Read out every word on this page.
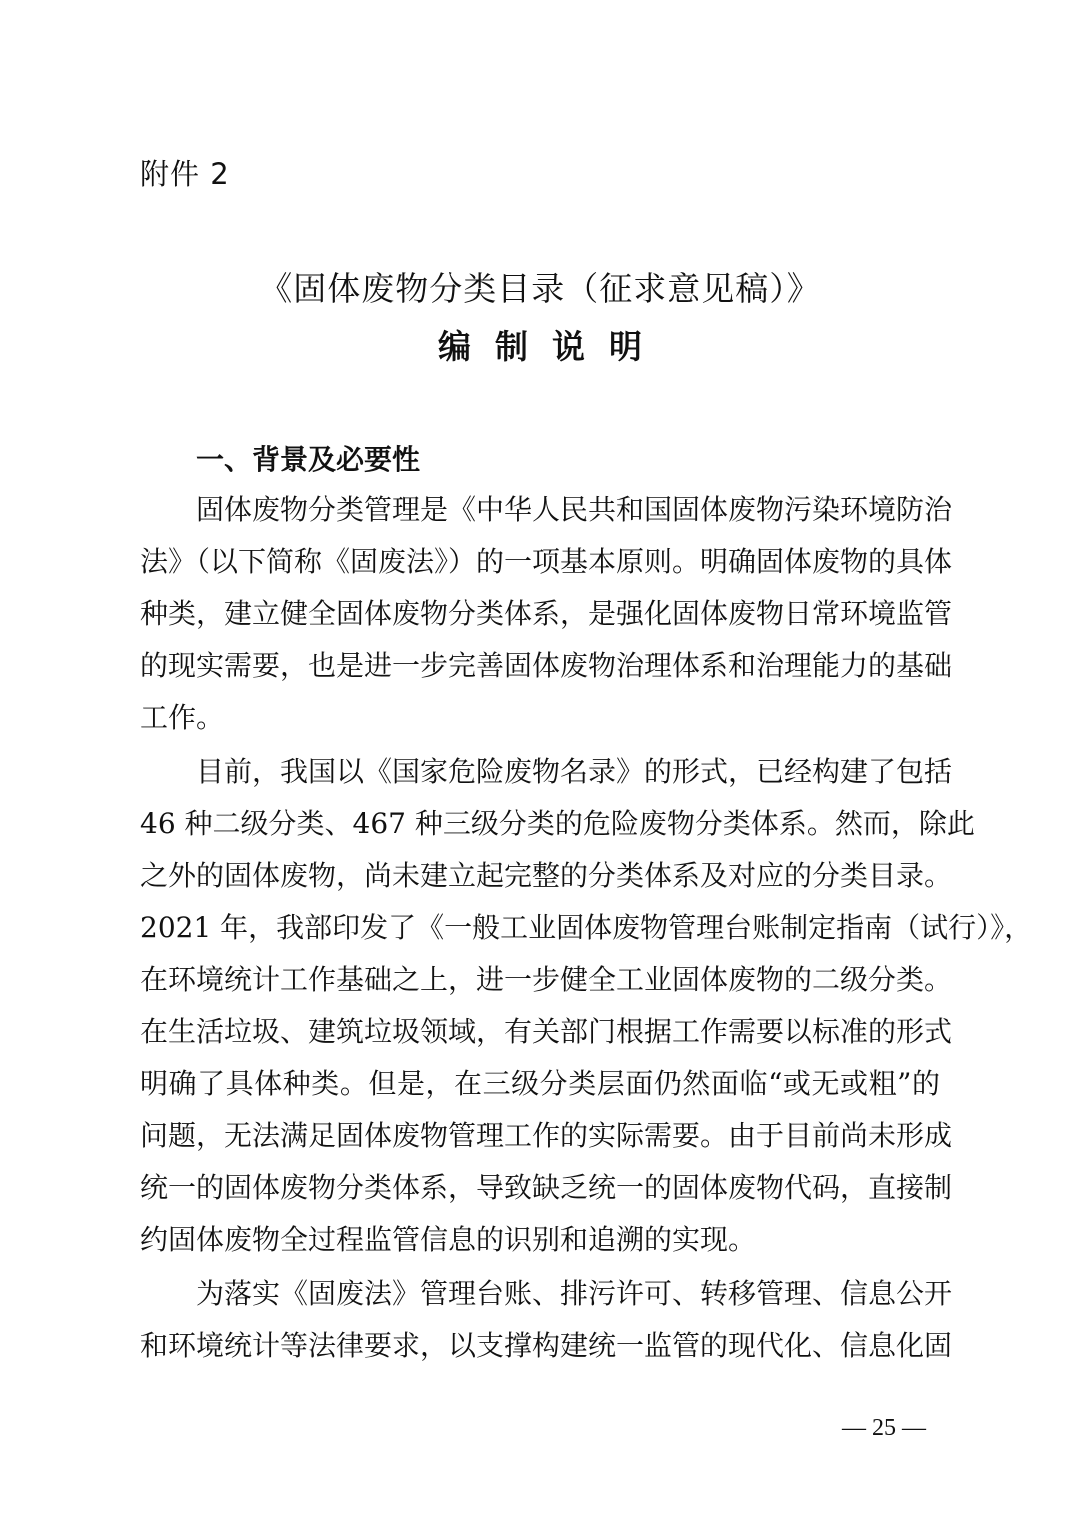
附件 2
《固体废物分类目录（征求意见稿）》
编制说明
一、背景及必要性
固体废物分类管理是《中华人民共和国固体废物污染环境防治
法》（以下简称《固废法》）的一项基本原则。明确固体废物的具体
种类，建立健全固体废物分类体系，是强化固体废物日常环境监管
的现实需要，也是进一步完善固体废物治理体系和治理能力的基础
工作。
目前，我国以《国家危险废物名录》的形式，已经构建了包括
46 种二级分类、467 种三级分类的危险废物分类体系。然而，除此
之外的固体废物，尚未建立起完整的分类体系及对应的分类目录。
2021 年，我部印发了《一般工业固体废物管理台账制定指南（试行）》，
在环境统计工作基础之上，进一步健全工业固体废物的二级分类。
在生活垃圾、建筑垃圾领域，有关部门根据工作需要以标准的形式
明确了具体种类。但是，在三级分类层面仍然面临“或无或粗”的
问题，无法满足固体废物管理工作的实际需要。由于目前尚未形成
统一的固体废物分类体系，导致缺乏统一的固体废物代码，直接制
约固体废物全过程监管信息的识别和追溯的实现。
为落实《固废法》管理台账、排污许可、转移管理、信息公开
和环境统计等法律要求，以支撑构建统一监管的现代化、信息化固
— 25 —
